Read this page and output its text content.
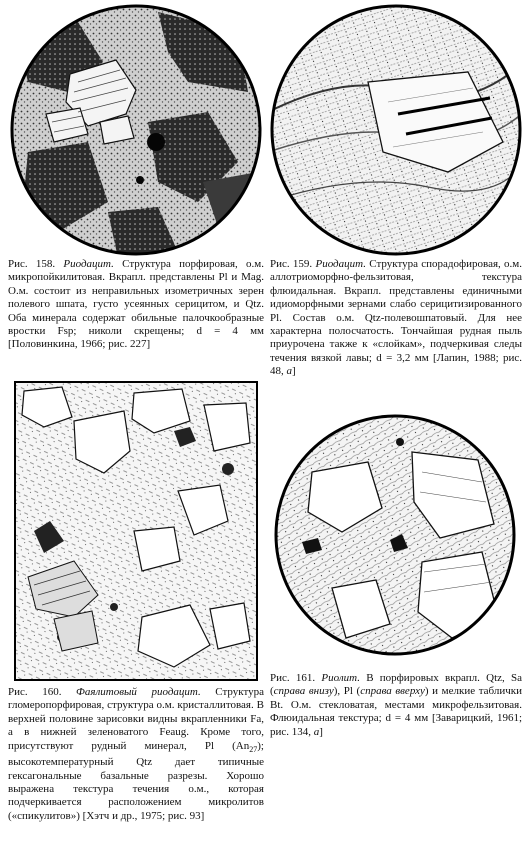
Рис. 158. Риодацит. Структура порфировая, о.м. микропойкилитовая. Вкрапл. представлены Pl и Mag. О.м. состоит из неправильных изометричных зерен полевого шпата, густо усеянных серицитом, и Qtz. Оба минерала содержат обильные палочкообразные вростки Fsp; николи скрещены; d = 4 мм [Половинкина, 1966; рис. 227]
Рис. 159. Риодацит. Структура спорадофировая, о.м. аллотриоморфно-фельзитовая, текстура флюидальная. Вкрапл. представлены единичными идиоморфными зернами слабо серицитизированного Pl. Состав о.м. Qtz-полевошпатовый. Для нее характерна полосчатость. Тончайшая рудная пыль приурочена также к «слойкам», подчеркивая следы течения вязкой лавы; d = 3,2 мм [Лапин, 1988; рис. 48, а]
Рис. 160. Фаялитовый риодацит. Структура гломеропорфировая, структура о.м. кристаллитовая. В верхней половине зарисовки видны вкрапленники Fa, а в нижней зеленоватого Feaug. Кроме того, присутствуют рудный минерал, Pl $(An_{27})$; высокотемпературный Qtz дает типичные гексагональные базальные разрезы. Хорошо выражена текстура течения о.м., которая подчеркивается расположением микролитов («спикулитов») [Хэтч и др., 1975; рис. 93]
Рис. 161. Риолит. В порфировых вкрапл. Qtz, Sa (справа внизу), Pl (справа вверху) и мелкие таблички Bt. О.м. стекловатая, местами микрофельзитовая. Флюидальная текстура; d = 4 мм [Заварицкий, 1961; рис. 134, а]
